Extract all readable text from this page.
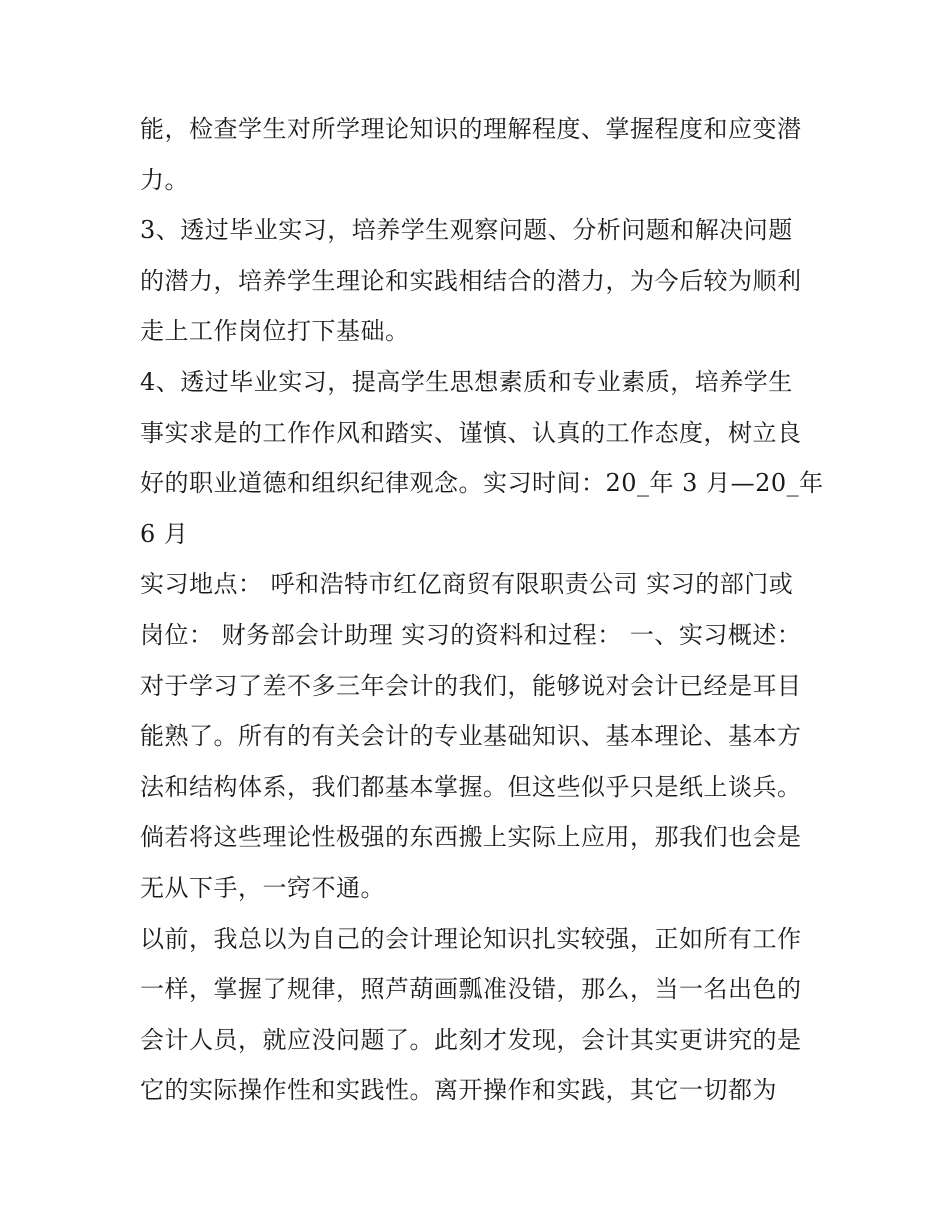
能，检查学生对所学理论知识的理解程度、掌握程度和应变潜
力。
3、透过毕业实习，培养学生观察问题、分析问题和解决问题
的潜力，培养学生理论和实践相结合的潜力，为今后较为顺利
走上工作岗位打下基础。
4、透过毕业实习，提高学生思想素质和专业素质，培养学生
事实求是的工作作风和踏实、谨慎、认真的工作态度，树立良
好的职业道德和组织纪律观念。实习时间：20_年 3 月—20_年
6 月
实习地点： 呼和浩特市红亿商贸有限职责公司 实习的部门或
岗位： 财务部会计助理 实习的资料和过程： 一、实习概述：
对于学习了差不多三年会计的我们，能够说对会计已经是耳目
能熟了。所有的有关会计的专业基础知识、基本理论、基本方
法和结构体系，我们都基本掌握。但这些似乎只是纸上谈兵。
倘若将这些理论性极强的东西搬上实际上应用，那我们也会是
无从下手，一窍不通。
以前，我总以为自己的会计理论知识扎实较强，正如所有工作
一样，掌握了规律，照芦葫画瓢准没错，那么，当一名出色的
会计人员，就应没问题了。此刻才发现，会计其实更讲究的是
它的实际操作性和实践性。离开操作和实践，其它一切都为
